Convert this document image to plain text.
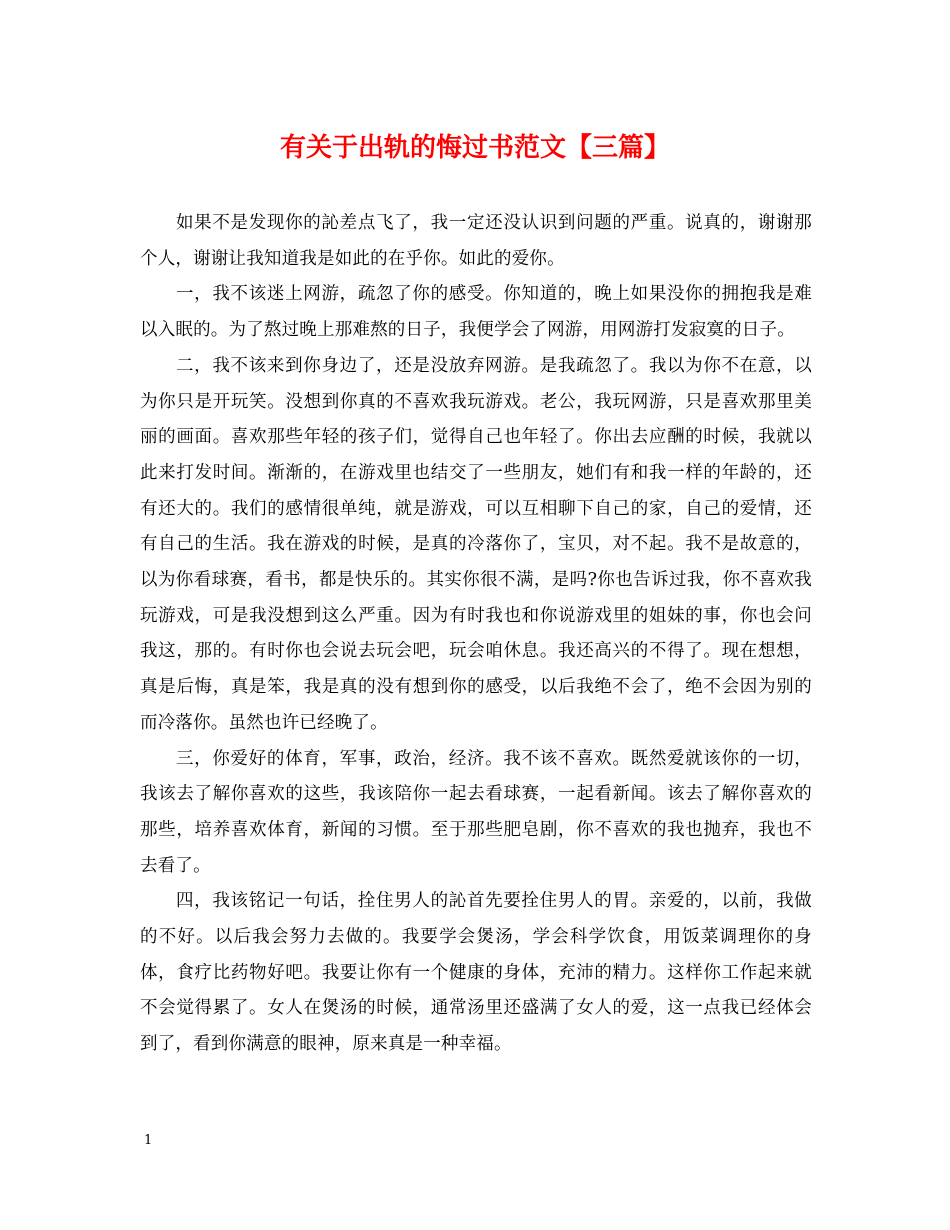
有关于出轨的悔过书范文【三篇】

如果不是发现你的訫差点飞了，我一定还没认识到问题的严重。说真的，谢谢那个人，谢谢让我知道我是如此的在乎你。如此的爱你。

一，我不该迷上网游，疏忽了你的感受。你知道的，晚上如果没你的拥抱我是难以入眠的。为了熬过晚上那难熬的日子，我便学会了网游，用网游打发寂寞的日子。

二，我不该来到你身边了，还是没放弃网游。是我疏忽了。我以为你不在意，以为你只是开玩笑。没想到你真的不喜欢我玩游戏。老公，我玩网游，只是喜欢那里美丽的画面。喜欢那些年轻的孩子们，觉得自己也年轻了。你出去应酬的时候，我就以此来打发时间。渐渐的，在游戏里也结交了一些朋友，她们有和我一样的年龄的，还有还大的。我们的感情很单纯，就是游戏，可以互相聊下自己的家，自己的爱情，还有自己的生活。我在游戏的时候，是真的冷落你了，宝贝，对不起。我不是故意的，以为你看球赛，看书，都是快乐的。其实你很不满，是吗?你也告诉过我，你不喜欢我玩游戏，可是我没想到这么严重。因为有时我也和你说游戏里的姐妹的事，你也会问我这，那的。有时你也会说去玩会吧，玩会咱休息。我还高兴的不得了。现在想想，真是后悔，真是笨，我是真的没有想到你的感受，以后我绝不会了，绝不会因为别的而冷落你。虽然也许已经晚了。

三，你爱好的体育，军事，政治，经济。我不该不喜欢。既然爱就该你的一切，我该去了解你喜欢的这些，我该陪你一起去看球赛，一起看新闻。该去了解你喜欢的那些，培养喜欢体育，新闻的习惯。至于那些肥皂剧，你不喜欢的我也抛弃，我也不去看了。

四，我该铭记一句话，拴住男人的訫首先要拴住男人的胃。亲爱的，以前，我做的不好。以后我会努力去做的。我要学会煲汤，学会科学饮食，用饭菜调理你的身体，食疗比药物好吧。我要让你有一个健康的身体，充沛的精力。这样你工作起来就不会觉得累了。女人在煲汤的时候，通常汤里还盛满了女人的爱，这一点我已经体会到了，看到你满意的眼神，原来真是一种幸福。

1
